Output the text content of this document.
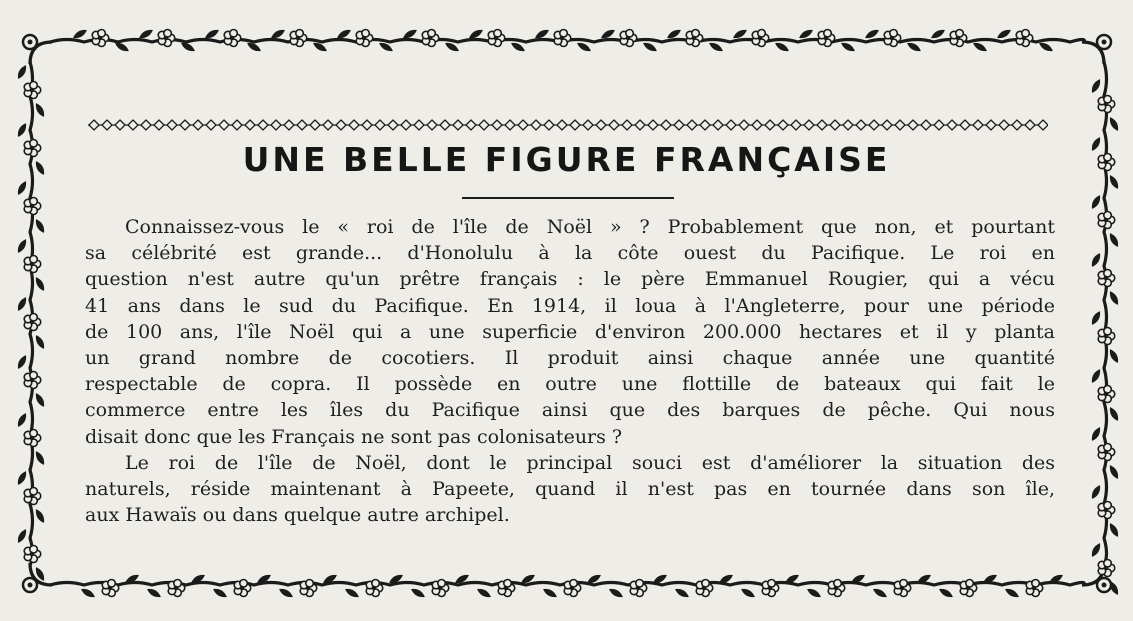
UNE BELLE FIGURE FRANÇAISE
Connaissez-vous le « roi de l'île de Noël » ? Probablement que non, et pourtant
sa célébrité est grande... d'Honolulu à la côte ouest du Pacifique. Le roi en
question n'est autre qu'un prêtre français : le père Emmanuel Rougier, qui a vécu
41 ans dans le sud du Pacifique. En 1914, il loua à l'Angleterre, pour une période
de 100 ans, l'île Noël qui a une superficie d'environ 200.000 hectares et il y planta
un grand nombre de cocotiers. Il produit ainsi chaque année une quantité
respectable de copra. Il possède en outre une flottille de bateaux qui fait le
commerce entre les îles du Pacifique ainsi que des barques de pêche. Qui nous
disait donc que les Français ne sont pas colonisateurs ?
Le roi de l'île de Noël, dont le principal souci est d'améliorer la situation des
naturels, réside maintenant à Papeete, quand il n'est pas en tournée dans son île,
aux Hawaïs ou dans quelque autre archipel.
